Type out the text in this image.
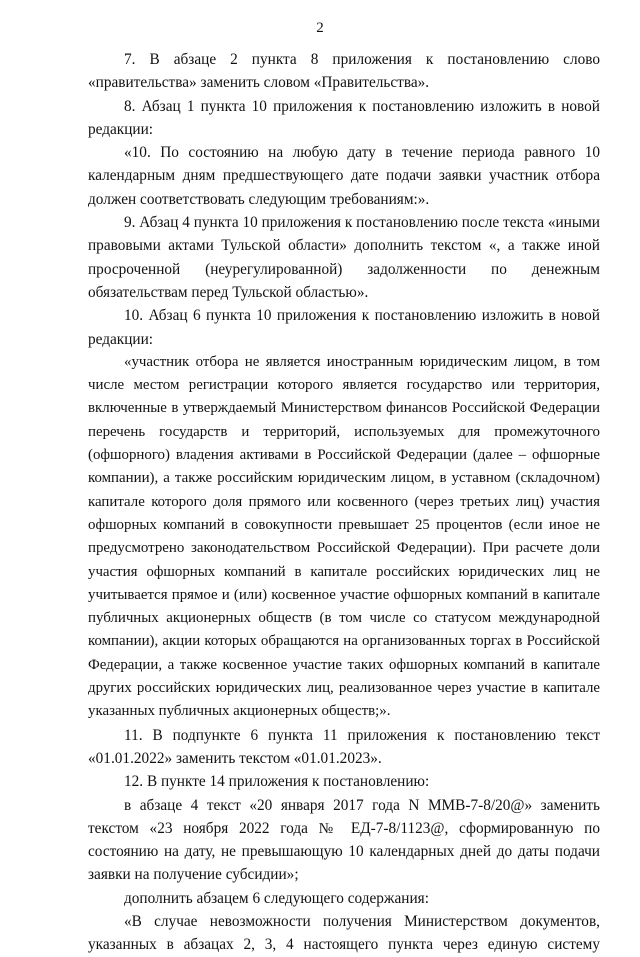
2

7. В абзаце 2 пункта 8 приложения к постановлению слово «правительства» заменить словом «Правительства».

8. Абзац 1 пункта 10 приложения к постановлению изложить в новой редакции:

«10. По состоянию на любую дату в течение периода равного 10 календарным дням предшествующего дате подачи заявки участник отбора должен соответствовать следующим требованиям:».

9. Абзац 4 пункта 10 приложения к постановлению после текста «иными правовыми актами Тульской области» дополнить текстом «, а также иной просроченной (неурегулированной) задолженности по денежным обязательствам перед Тульской областью».

10. Абзац 6 пункта 10 приложения к постановлению изложить в новой редакции:

«участник отбора не является иностранным юридическим лицом, в том числе местом регистрации которого является государство или территория, включенные в утверждаемый Министерством финансов Российской Федерации перечень государств и территорий, используемых для промежуточного (офшорного) владения активами в Российской Федерации (далее – офшорные компании), а также российским юридическим лицом, в уставном (складочном) капитале которого доля прямого или косвенного (через третьих лиц) участия офшорных компаний в совокупности превышает 25 процентов (если иное не предусмотрено законодательством Российской Федерации). При расчете доли участия офшорных компаний в капитале российских юридических лиц не учитывается прямое и (или) косвенное участие офшорных компаний в капитале публичных акционерных обществ (в том числе со статусом международной компании), акции которых обращаются на организованных торгах в Российской Федерации, а также косвенное участие таких офшорных компаний в капитале других российских юридических лиц, реализованное через участие в капитале указанных публичных акционерных обществ;».

11. В подпункте 6 пункта 11 приложения к постановлению текст «01.01.2022» заменить текстом «01.01.2023».

12. В пункте 14 приложения к постановлению:

в абзаце 4 текст «20 января 2017 года N ММВ-7-8/20@» заменить текстом «23 ноября 2022 года № ЕД-7-8/1123@, сформированную по состоянию на дату, не превышающую 10 календарных дней до даты подачи заявки на получение субсидии»;

дополнить абзацем 6 следующего содержания:

«В случае невозможности получения Министерством документов, указанных в абзацах 2, 3, 4 настоящего пункта через единую систему
